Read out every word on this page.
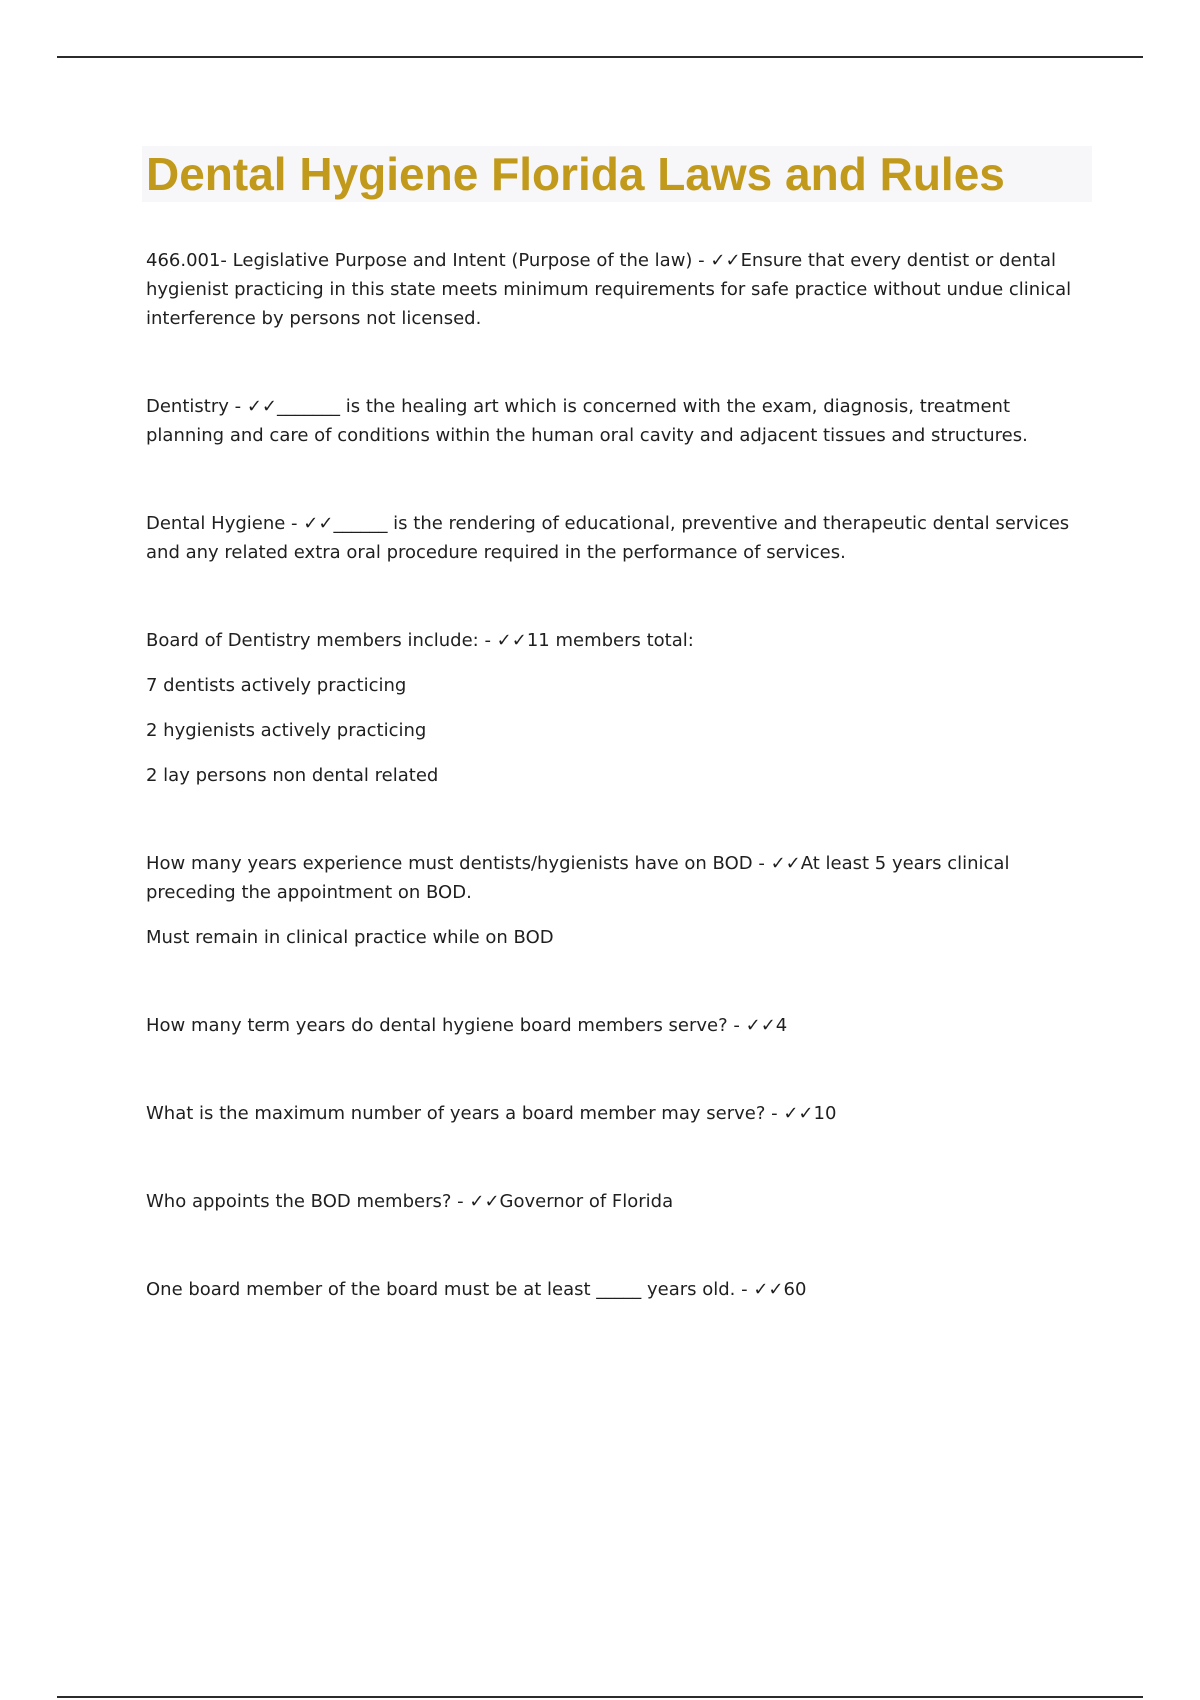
Dental Hygiene Florida Laws and Rules

466.001- Legislative Purpose and Intent (Purpose of the law) - ✓✓Ensure that every dentist or dental hygienist practicing in this state meets minimum requirements for safe practice without undue clinical interference by persons not licensed.

Dentistry - ✓✓_______ is the healing art which is concerned with the exam, diagnosis, treatment planning and care of conditions within the human oral cavity and adjacent tissues and structures.

Dental Hygiene - ✓✓______ is the rendering of educational, preventive and therapeutic dental services and any related extra oral procedure required in the performance of services.

Board of Dentistry members include: - ✓✓11 members total:

7 dentists actively practicing

2 hygienists actively practicing

2 lay persons non dental related

How many years experience must dentists/hygienists have on BOD - ✓✓At least 5 years clinical preceding the appointment on BOD.

Must remain in clinical practice while on BOD

How many term years do dental hygiene board members serve? - ✓✓4

What is the maximum number of years a board member may serve? - ✓✓10

Who appoints the BOD members? - ✓✓Governor of Florida

One board member of the board must be at least _____ years old. - ✓✓60
